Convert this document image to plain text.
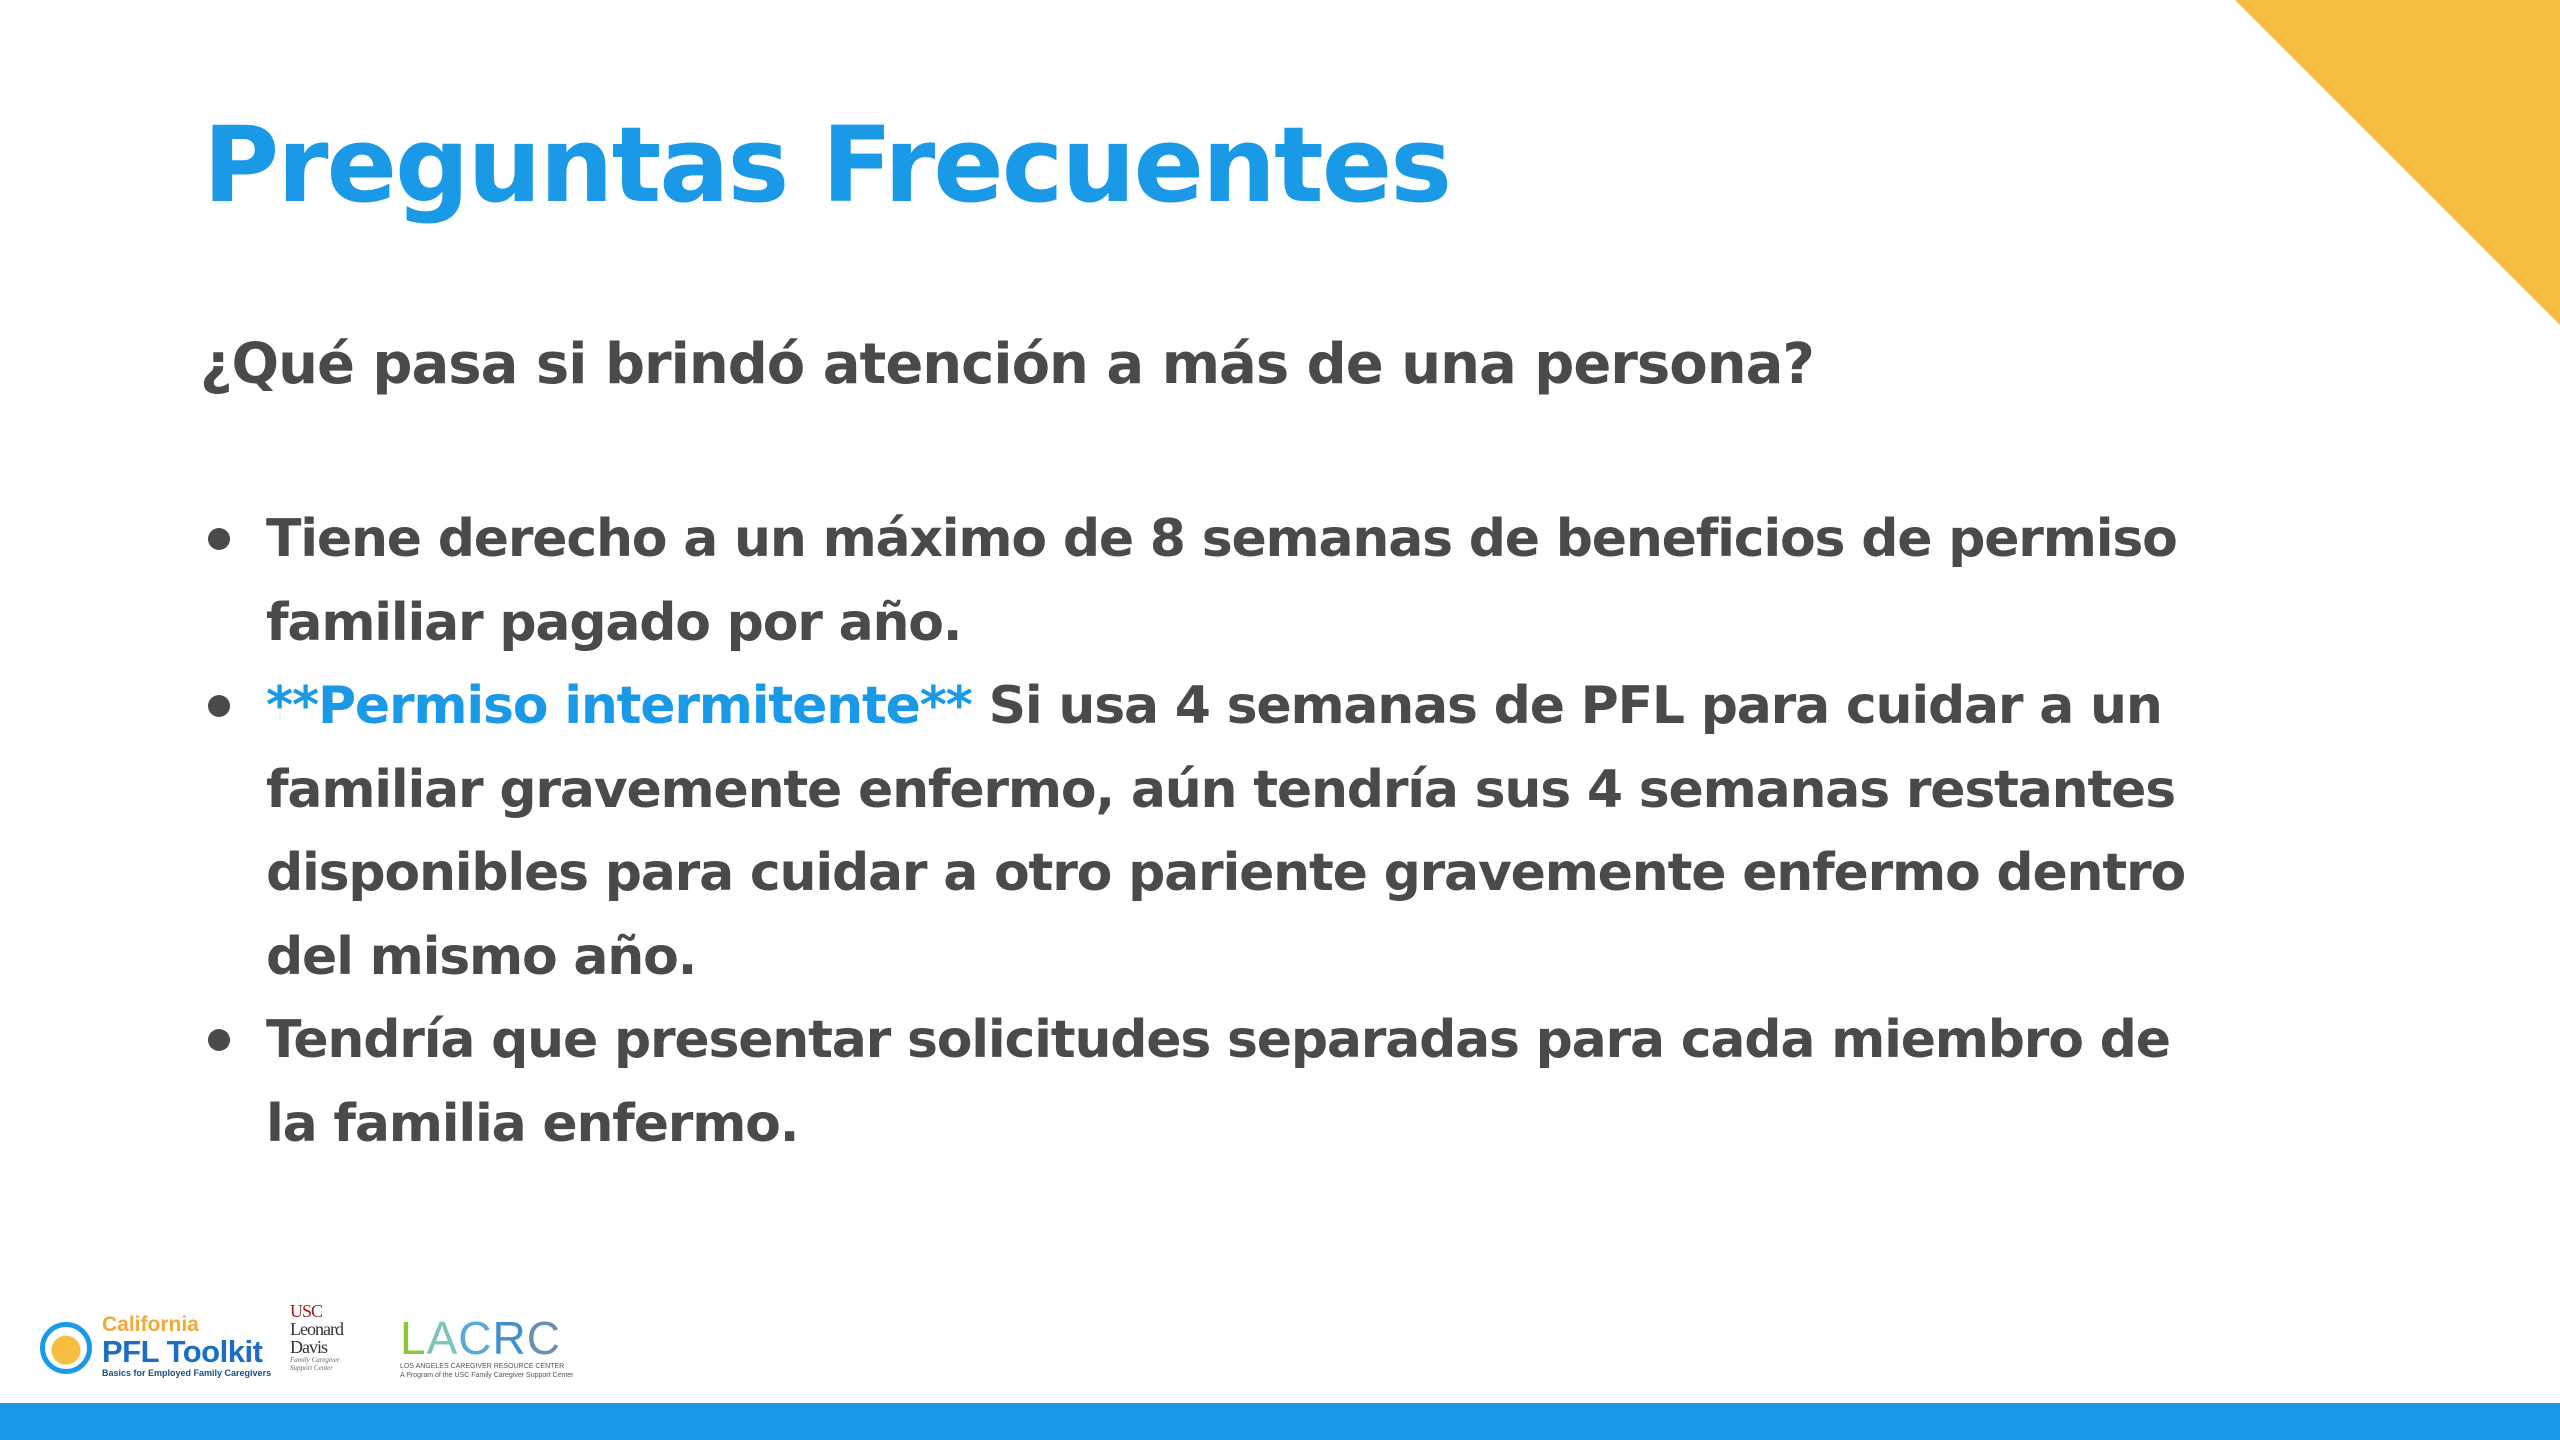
Preguntas Frecuentes
¿Qué pasa si brindó atención a más de una persona?
Tiene derecho a un máximo de 8 semanas de beneficios de permiso familiar pagado por año.
**Permiso intermitente** Si usa 4 semanas de PFL para cuidar a un familiar gravemente enfermo, aún tendría sus 4 semanas restantes disponibles para cuidar a otro pariente gravemente enfermo dentro del mismo año.
Tendría que presentar solicitudes separadas para cada miembro de la familia enfermo.
California
PFL Toolkit
Basics for Employed Family Caregivers
USC
Leonard
Davis
Family Caregiver
Support Center
LACRC
LOS ANGELES CAREGIVER RESOURCE CENTER
A Program of the USC Family Caregiver Support Center
